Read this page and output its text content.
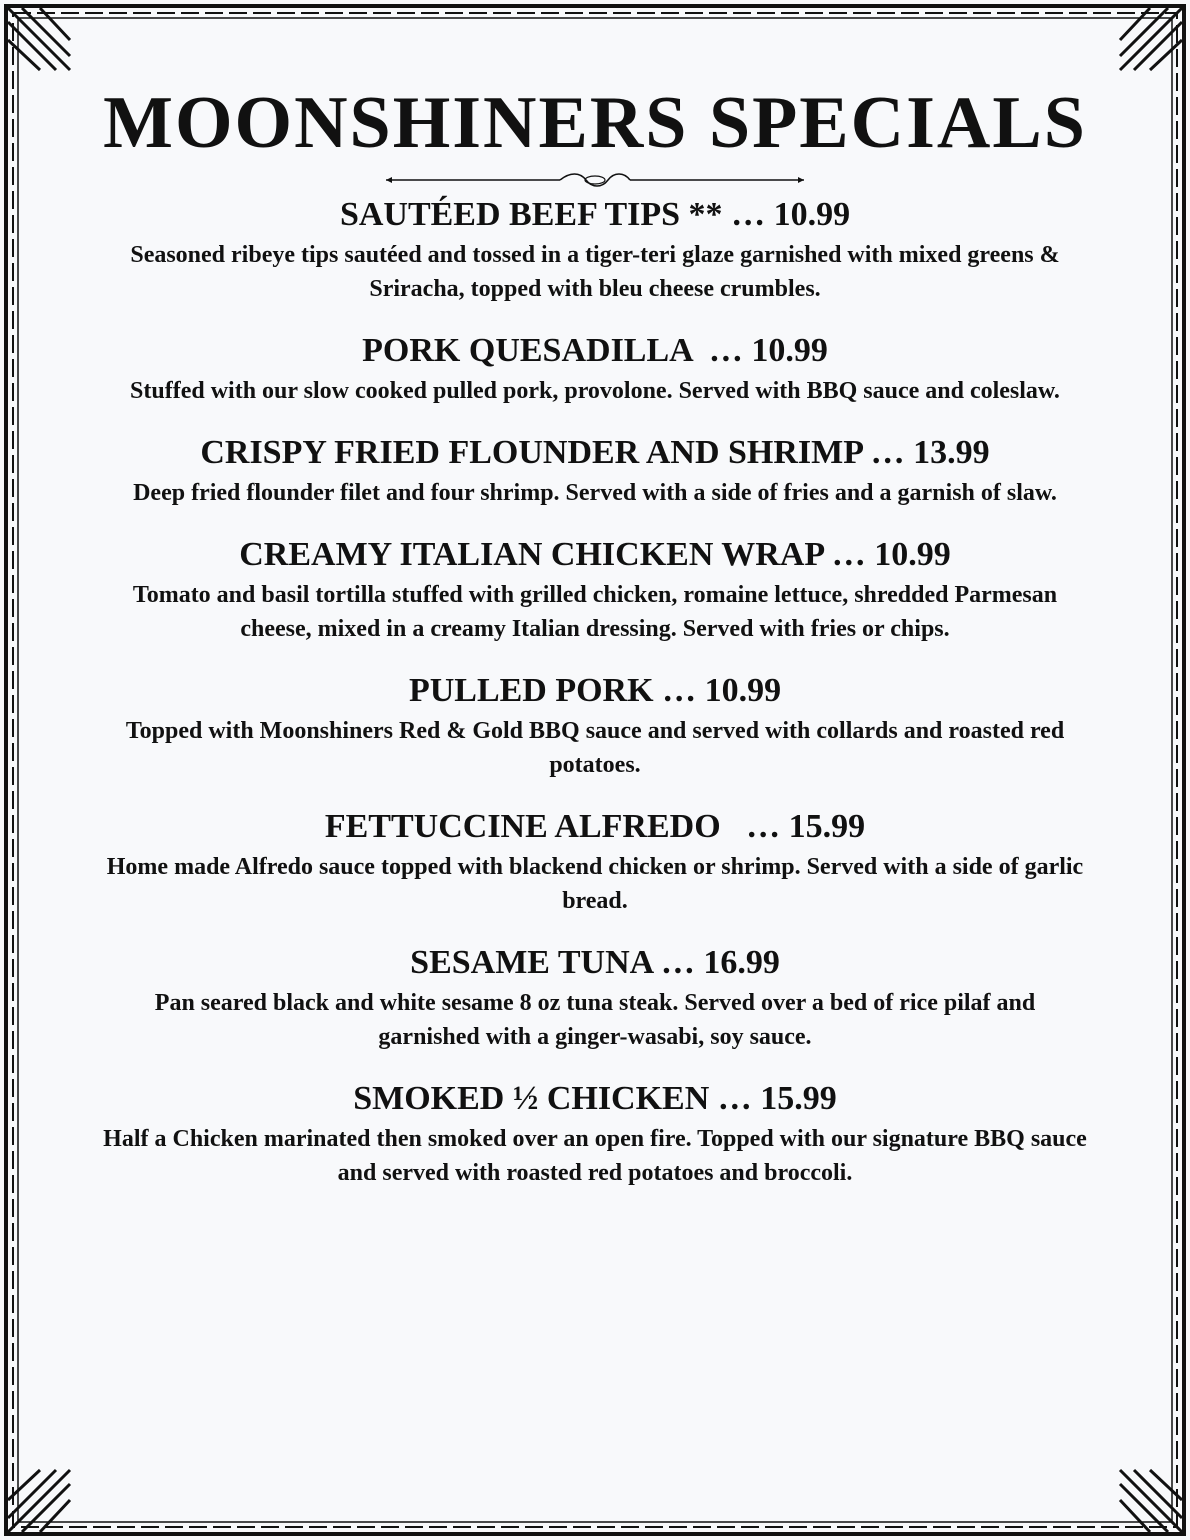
MOONSHINERS SPECIALS
SAUTÉED BEEF TIPS ** … 10.99
Seasoned ribeye tips sautéed and tossed in a tiger-teri glaze garnished with mixed greens & Sriracha, topped with bleu cheese crumbles.
PORK QUESADILLA  … 10.99
Stuffed with our slow cooked pulled pork, provolone. Served with BBQ sauce and coleslaw.
CRISPY FRIED FLOUNDER AND SHRIMP … 13.99
Deep fried flounder filet and four shrimp. Served with a side of fries and a garnish of slaw.
CREAMY ITALIAN CHICKEN WRAP … 10.99
Tomato and basil tortilla stuffed with grilled chicken, romaine lettuce, shredded Parmesan cheese, mixed in a creamy Italian dressing. Served with fries or chips.
PULLED PORK … 10.99
Topped with Moonshiners Red & Gold BBQ sauce and served with collards and roasted red potatoes.
FETTUCCINE ALFREDO   … 15.99
Home made Alfredo sauce topped with blackend chicken or shrimp. Served with a side of garlic bread.
SESAME TUNA … 16.99
Pan seared black and white sesame 8 oz tuna steak. Served over a bed of rice pilaf and garnished with a ginger-wasabi, soy sauce.
SMOKED ½ CHICKEN … 15.99
Half a Chicken marinated then smoked over an open fire. Topped with our signature BBQ sauce and served with roasted red potatoes and broccoli.
